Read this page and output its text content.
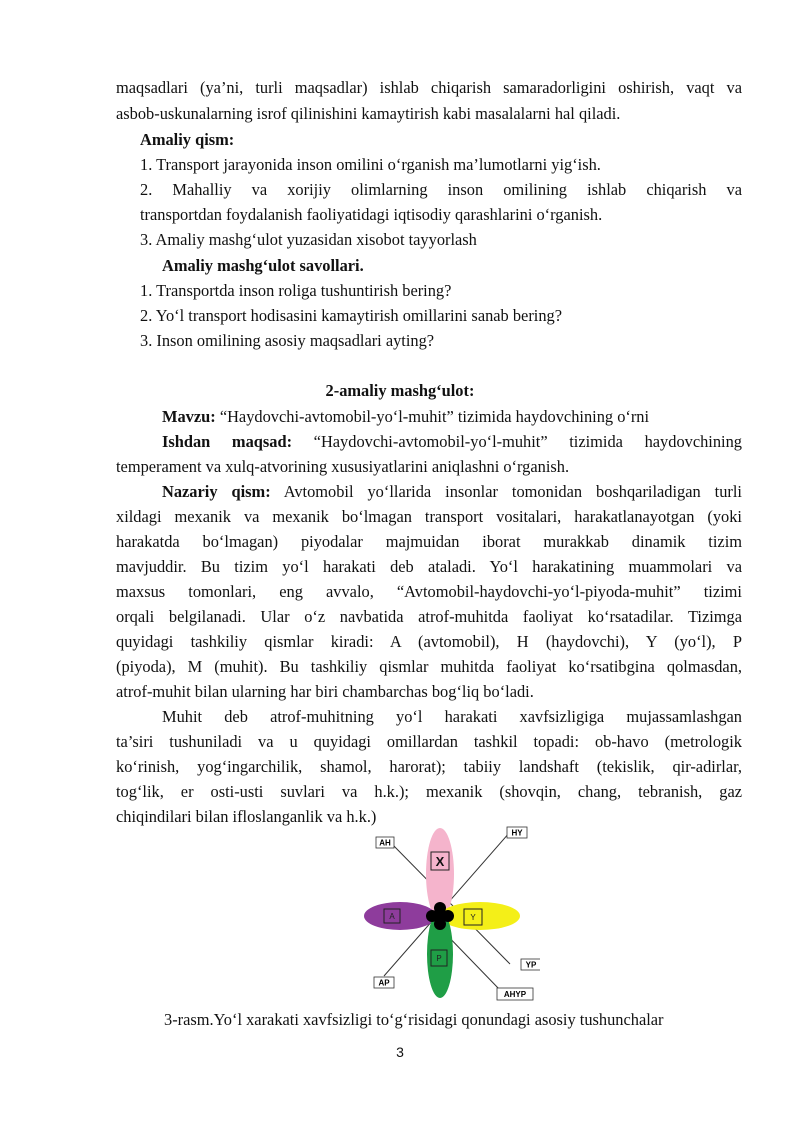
maqsadlari (ya’ni, turli maqsadlar) ishlab chiqarish samaradorligini oshirish, vaqt va
asbob-uskunalarning isrof qilinishini kamaytirish kabi masalalarni hal qiladi.
Amaliy qism:
1. Transport jarayonida inson omilini o‘rganish ma’lumotlarni yig‘ish.
2. Mahalliy va xorijiy olimlarning inson omilining ishlab chiqarish va
transportdan foydalanish faoliyatidagi iqtisodiy qarashlarini o‘rganish.
3. Amaliy mashg‘ulot yuzasidan xisobot tayyorlash
Amaliy mashg‘ulot savollari.
1. Transportda inson roliga tushuntirish bering?
2. Yo‘l transport hodisasini kamaytirish omillarini sanab bering?
3. Inson omilining asosiy maqsadlari ayting?
2-amaliy mashg‘ulot:
Mavzu: “Haydovchi-avtomobil-yo‘l-muhit” tizimida haydovchining o‘rni
Ishdan maqsad: “Haydovchi-avtomobil-yo‘l-muhit” tizimida haydovchining
temperament va xulq-atvorining xususiyatlarini aniqlashni o‘rganish.
Nazariy qism: Avtomobil yo‘llarida insonlar tomonidan boshqariladigan turli
xildagi mexanik va mexanik bo‘lmagan transport vositalari, harakatlanayotgan (yoki
harakatda bo‘lmagan) piyodalar majmuidan iborat murakkab dinamik tizim
mavjuddir. Bu tizim yo‘l harakati deb ataladi. Yo‘l harakatining muammolari va
maxsus tomonlari, eng avvalo, “Avtomobil-haydovchi-yo‘l-piyoda-muhit” tizimi
orqali belgilanadi. Ular o‘z navbatida atrof-muhitda faoliyat ko‘rsatadilar. Tizimga
quyidagi tashkiliy qismlar kiradi: A (avtomobil), H (haydovchi), Y (yo‘l), P
(piyoda), M (muhit). Bu tashkiliy qismlar muhitda faoliyat ko‘rsatibgina qolmasdan,
atrof-muhit bilan ularning har biri chambarchas bog‘liq bo‘ladi.
Muhit deb atrof-muhitning yo‘l harakati xavfsizligiga mujassamlashgan
ta’siri tushuniladi va u quyidagi omillardan tashkil topadi: ob-havo (metrologik
ko‘rinish, yog‘ingarchilik, shamol, harorat); tabiiy landshaft (tekislik, qir-adirlar,
tog‘lik, er osti-usti suvlari va h.k.); mexanik (shovqin, chang, tebranish, gaz
chiqindilari bilan ifloslanganlik va h.k.)
X
A	Y
P
AH
HY
YP
AP
AHYP
3-rasm.Yo‘l xarakati xavfsizligi to‘g‘risidagi qonundagi asosiy tushunchalar
3
